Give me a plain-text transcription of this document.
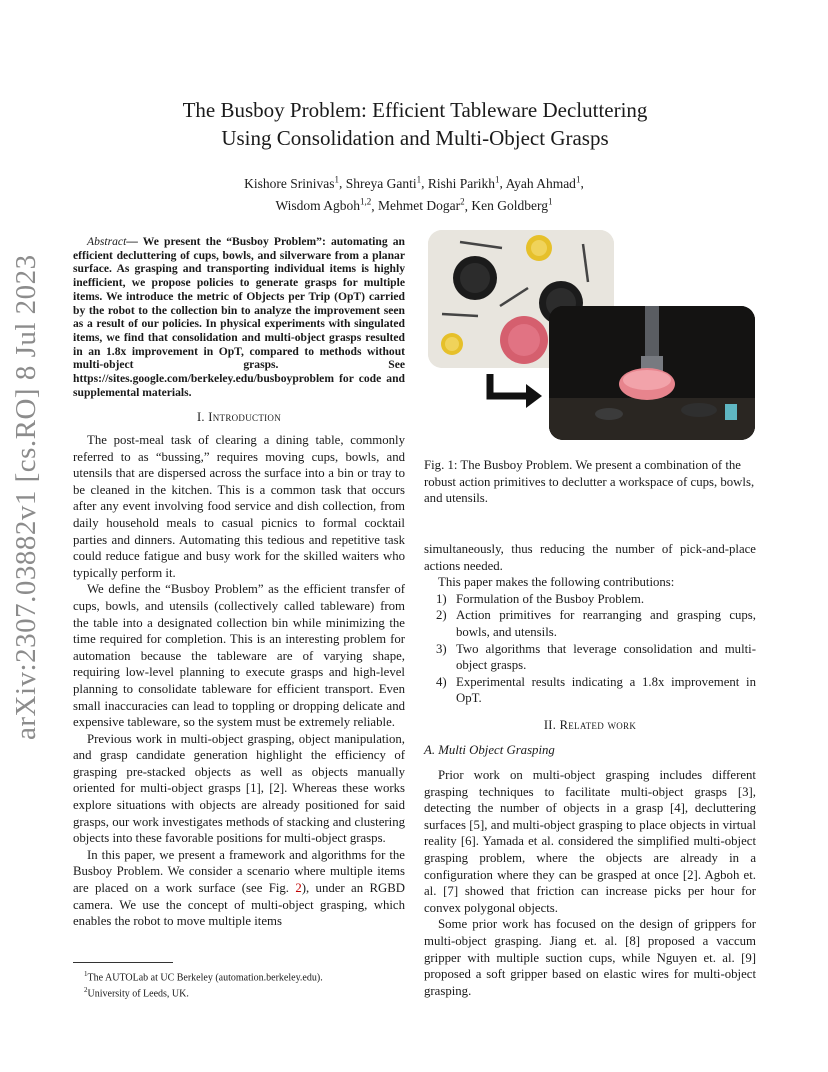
The Busboy Problem: Efficient Tableware Decluttering
Using Consolidation and Multi-Object Grasps
Kishore Srinivas$^1$, Shreya Ganti$^1$, Rishi Parikh$^1$, Ayah Ahmad$^1$,
Wisdom Agboh$^{1,2}$, Mehmet Dogar$^2$, Ken Goldberg$^1$
arXiv:2307.03882v1 [cs.RO] 8 Jul 2023

Abstract— We present the “Busboy Problem”: automating an efficient decluttering of cups, bowls, and silverware from a planar surface. As grasping and transporting individual items is highly inefficient, we propose policies to generate grasps for multiple items. We introduce the metric of Objects per Trip (OpT) carried by the robot to the collection bin to analyze the improvement seen as a result of our policies. In physical experiments with singulated items, we find that consolidation and multi-object grasps resulted in an 1.8x improvement in OpT, compared to methods without multi-object grasps. See https://sites.google.com/berkeley.edu/busboyproblem for code and supplemental materials.

I. Introduction

The post-meal task of clearing a dining table, commonly referred to as “bussing,” requires moving cups, bowls, and utensils that are dispersed across the surface into a bin or tray to be cleaned in the kitchen. This is a common task that occurs after any event involving food service and dish collection, from daily household meals to casual picnics to formal cocktail parties and dinners. Automating this tedious and repetitive task could reduce fatigue and busy work for the skilled waiters who typically perform it.

We define the “Busboy Problem” as the efficient transfer of cups, bowls, and utensils (collectively called tableware) from the table into a designated collection bin while minimizing the time required for completion. This is an interesting problem for automation because the tableware are of varying shape, requiring low-level planning to execute grasps and high-level planning to consolidate tableware for efficient transport. Even small inaccuracies can lead to toppling or dropping delicate and expensive tableware, so the system must be extremely reliable.

Previous work in multi-object grasping, object manipulation, and grasp candidate generation highlight the efficiency of grasping pre-stacked objects as well as objects manually oriented for multi-object grasps [1], [2]. Whereas these works explore situations with objects are already positioned for said grasps, our work investigates methods of stacking and clustering objects into these favorable positions for multi-object grasps.

In this paper, we present a framework and algorithms for the Busboy Problem. We consider a scenario where multiple items are placed on a work surface (see Fig. 2), under an RGBD camera. We use the concept of multi-object grasping, which enables the robot to move multiple items

$^1$The AUTOLab at UC Berkeley (automation.berkeley.edu).
$^2$University of Leeds, UK.
Fig. 1: The Busboy Problem. We present a combination of the robust action primitives to declutter a workspace of cups, bowls, and utensils.

simultaneously, thus reducing the number of pick-and-place actions needed.

This paper makes the following contributions:

1) Formulation of the Busboy Problem.
2) Action primitives for rearranging and grasping cups, bowls, and utensils.
3) Two algorithms that leverage consolidation and multi-object grasps.
4) Experimental results indicating a 1.8x improvement in OpT.
II. Related work
A. Multi Object Grasping

Prior work on multi-object grasping includes different grasping techniques to facilitate multi-object grasps [3], detecting the number of objects in a grasp [4], decluttering surfaces [5], and multi-object grasping to place objects in virtual reality [6]. Yamada et al. considered the simplified multi-object grasping problem, where the objects are already in a configuration where they can be grasped at once [2]. Agboh et. al. [7] showed that friction can increase picks per hour for convex polygonal objects.

Some prior work has focused on the design of grippers for multi-object grasping. Jiang et. al. [8] proposed a vaccum gripper with multiple suction cups, while Nguyen et. al. [9] proposed a soft gripper based on elastic wires for multi-object grasping.
